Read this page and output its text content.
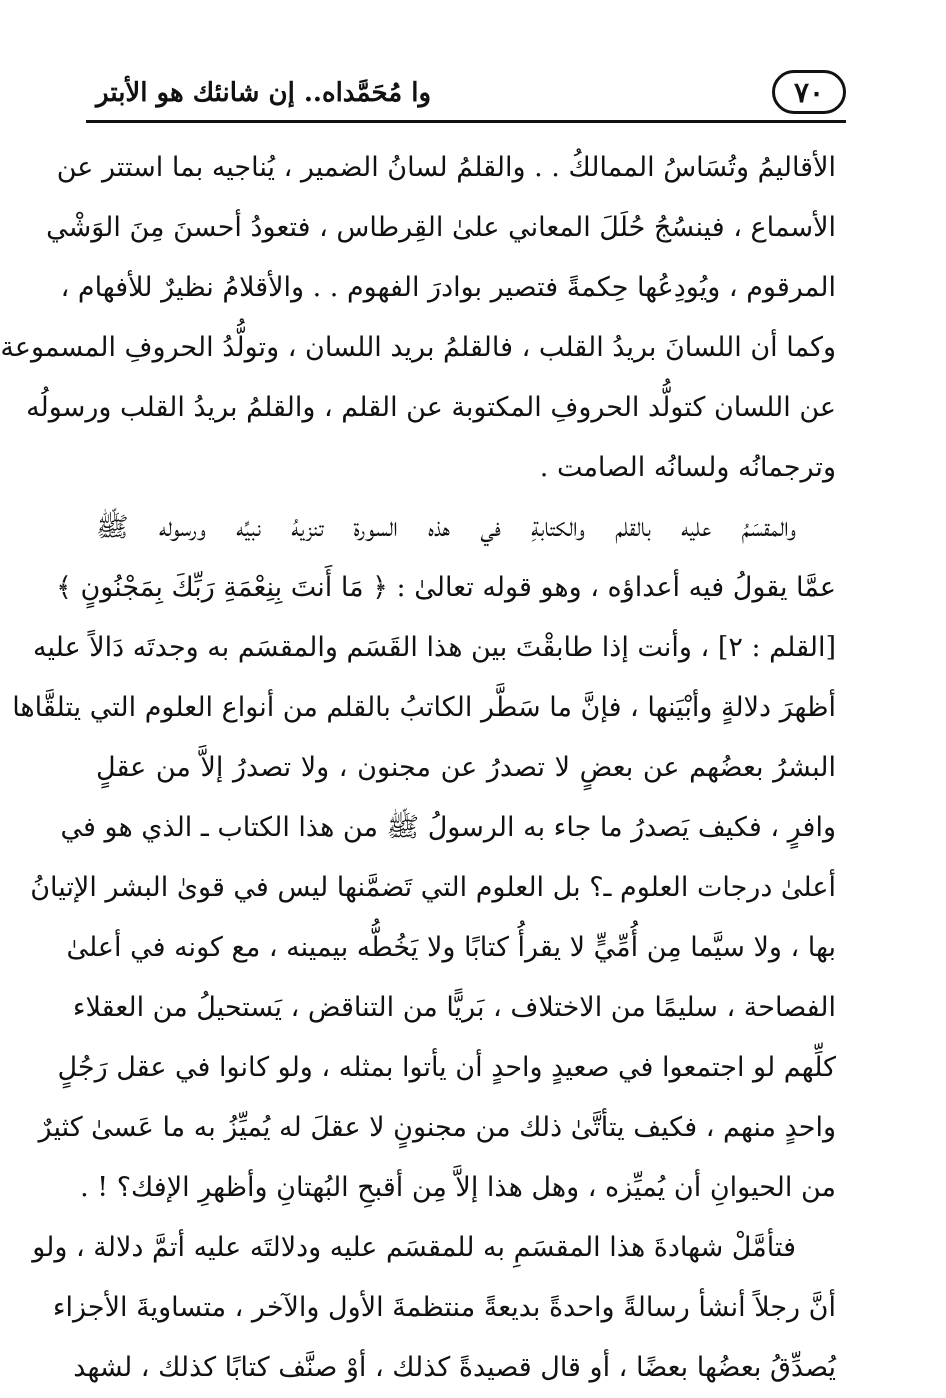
٧٠
وا مُحَمَّداه.. إن شانئك هو الأبتر
الأقاليمُ وتُسَاسُ الممالكُ . . والقلمُ لسانُ الضمير ، يُناجيه بما استتر عن
الأسماع ، فينسُجُ حُلَلَ المعاني علىٰ القِرطاس ، فتعودُ أحسنَ مِنَ الوَشْي
المرقوم ، ويُودِعُها حِكمةً فتصير بوادرَ الفهوم . . والأقلامُ نظيرٌ للأفهام ،
وكما أن اللسانَ بريدُ القلب ، فالقلمُ بريد اللسان ، وتولُّدُ الحروفِ المسموعة
عن اللسان كتولُّد الحروفِ المكتوبة عن القلم ، والقلمُ بريدُ القلب ورسولُه
وترجمانُه ولسانُه الصامت .
والمقسَمُ عليه بالقلم والكتابةِ في هذه السورة تنزيهُ نبيِّه ورسوله ﷺ
عمَّا يقولُ فيه أعداؤه ، وهو قوله تعالىٰ : ﴿ مَا أَنتَ بِنِعْمَةِ رَبِّكَ بِمَجْنُونٍ ﴾
[القلم : ٢] ، وأنت إذا طابقْتَ بين هذا القَسَم والمقسَم به وجدتَه دَالاً عليه
أظهرَ دلالةٍ وأبْيَنها ، فإنَّ ما سَطَّر الكاتبُ بالقلم من أنواع العلوم التي يتلقَّاها
البشرُ بعضُهم عن بعضٍ لا تصدرُ عن مجنون ، ولا تصدرُ إلاَّ من عقلٍ
وافرٍ ، فكيف يَصدرُ ما جاء به الرسولُ ﷺ من هذا الكتاب ـ الذي هو في
أعلىٰ درجات العلوم ـ؟ بل العلوم التي تَضمَّنها ليس في قوىٰ البشر الإتيانُ
بها ، ولا سيَّما مِن أُمِّيٍّ لا يقرأُ كتابًا ولا يَخُطُّه بيمينه ، مع كونه في أعلىٰ
الفصاحة ، سليمًا من الاختلاف ، بَريًّا من التناقض ، يَستحيلُ من العقلاء
كلِّهم لو اجتمعوا في صعيدٍ واحدٍ أن يأتوا بمثله ، ولو كانوا في عقل رَجُلٍ
واحدٍ منهم ، فكيف يتأتَّىٰ ذلك من مجنونٍ لا عقلَ له يُميِّزُ به ما عَسىٰ كثيرٌ
من الحيوانِ أن يُميِّزه ، وهل هذا إلاَّ مِن أقبحِ البُهتانِ وأظهرِ الإفك؟ ! .
فتأمَّلْ شهادةَ هذا المقسَمِ به للمقسَم عليه ودلالتَه عليه أتمَّ دلالة ، ولو
أنَّ رجلاً أنشأ رسالةً واحدةً بديعةً منتظمةَ الأول والآخر ، متساويةَ الأجزاء
يُصدِّقُ بعضُها بعضًا ، أو قال قصيدةً كذلك ، أوْ صنَّف كتابًا كذلك ، لشهد
